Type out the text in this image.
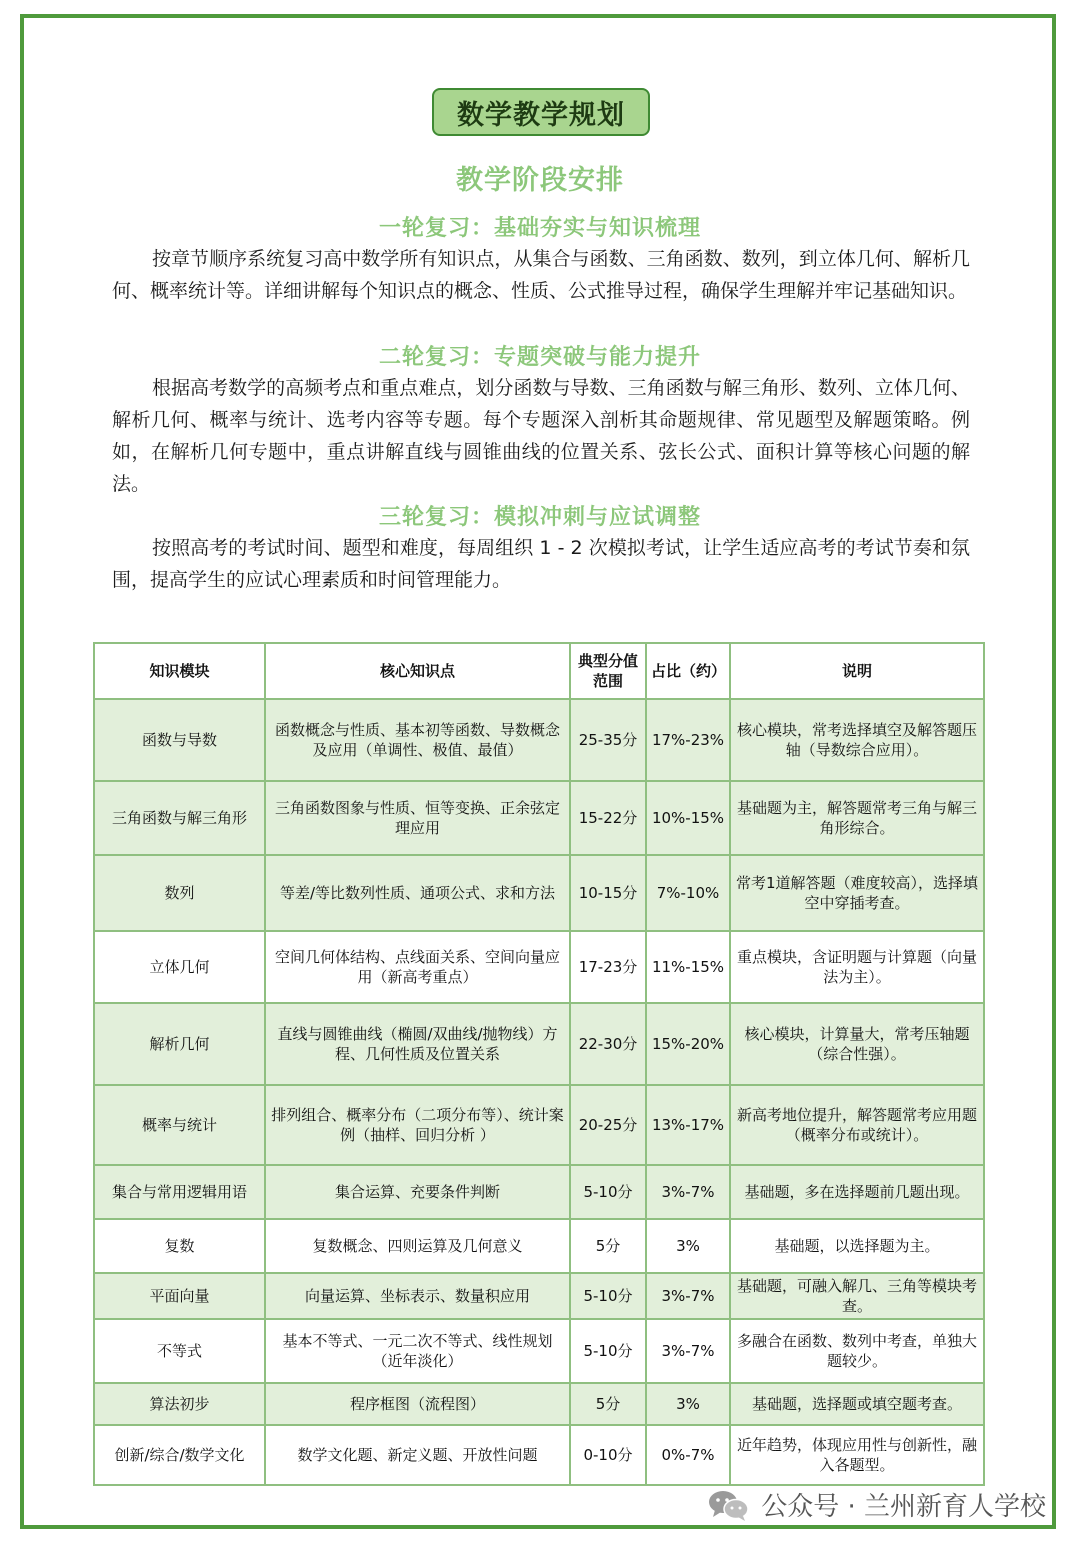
数学教学规划
教学阶段安排
一轮复习：基础夯实与知识梳理
按章节顺序系统复习高中数学所有知识点，从集合与函数、三角函数、数列，到立体几何、解析几何、概率统计等。详细讲解每个知识点的概念、性质、公式推导过程，确保学生理解并牢记基础知识。
二轮复习：专题突破与能力提升
根据高考数学的高频考点和重点难点，划分函数与导数、三角函数与解三角形、数列、立体几何、解析几何、概率与统计、选考内容等专题。每个专题深入剖析其命题规律、常见题型及解题策略。例如，在解析几何专题中，重点讲解直线与圆锥曲线的位置关系、弦长公式、面积计算等核心问题的解法。
三轮复习：模拟冲刺与应试调整
按照高考的考试时间、题型和难度，每周组织 1 - 2 次模拟考试，让学生适应高考的考试节奏和氛围，提高学生的应试心理素质和时间管理能力。
知识模块	核心知识点	典型分值范围	占比（约）	说明
函数与导数	函数概念与性质、基本初等函数、导数概念及应用（单调性、极值、最值）	25-35分	17%-23%	核心模块，常考选择填空及解答题压轴（导数综合应用）。
三角函数与解三角形	三角函数图象与性质、恒等变换、正余弦定理应用	15-22分	10%-15%	基础题为主，解答题常考三角与解三角形综合。
数列	等差/等比数列性质、通项公式、求和方法	10-15分	7%-10%	常考1道解答题（难度较高），选择填空中穿插考查。
立体几何	空间几何体结构、点线面关系、空间向量应用（新高考重点）	17-23分	11%-15%	重点模块，含证明题与计算题（向量法为主）。
解析几何	直线与圆锥曲线（椭圆/双曲线/抛物线）方程、几何性质及位置关系	22-30分	15%-20%	核心模块，计算量大，常考压轴题（综合性强）。
概率与统计	排列组合、概率分布（二项分布等）、统计案例（抽样、回归分析 ）	20-25分	13%-17%	新高考地位提升，解答题常考应用题（概率分布或统计）。
集合与常用逻辑用语	集合运算、充要条件判断	5-10分	3%-7%	基础题，多在选择题前几题出现。
复数	复数概念、四则运算及几何意义	5分	3%	基础题，以选择题为主。
平面向量	向量运算、坐标表示、数量积应用	5-10分	3%-7%	基础题，可融入解几、三角等模块考查。
不等式	基本不等式、一元二次不等式、线性规划（近年淡化）	5-10分	3%-7%	多融合在函数、数列中考查，单独大题较少。
算法初步	程序框图（流程图）	5分	3%	基础题，选择题或填空题考查。
创新/综合/数学文化	数学文化题、新定义题、开放性问题	0-10分	0%-7%	近年趋势，体现应用性与创新性，融入各题型。
公众号 · 兰州新育人学校
